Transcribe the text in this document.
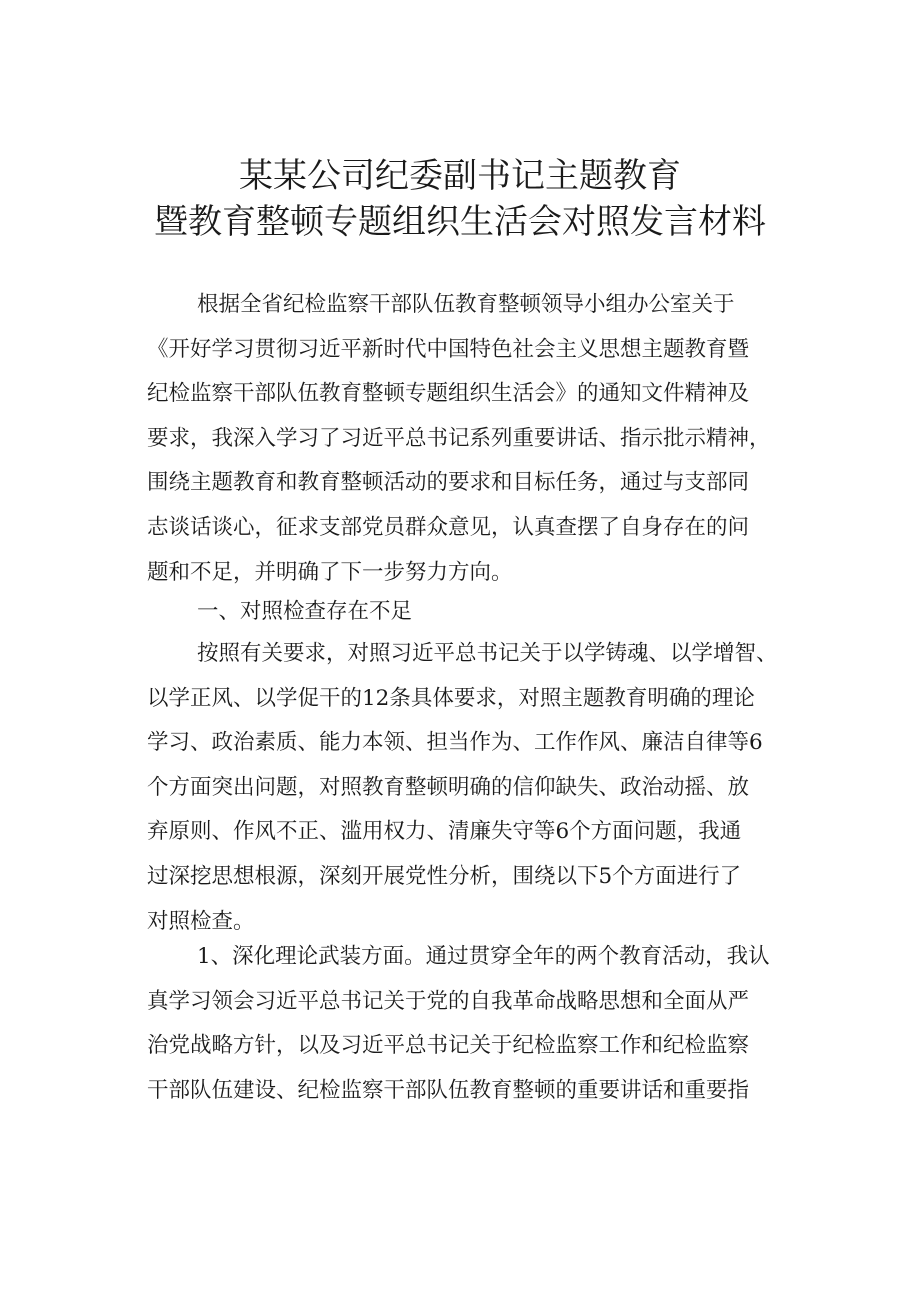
某某公司纪委副书记主题教育
暨教育整顿专题组织生活会对照发言材料
根据全省纪检监察干部队伍教育整顿领导小组办公室关于
《开好学习贯彻习近平新时代中国特色社会主义思想主题教育暨
纪检监察干部队伍教育整顿专题组织生活会》的通知文件精神及
要求，我深入学习了习近平总书记系列重要讲话、指示批示精神，
围绕主题教育和教育整顿活动的要求和目标任务，通过与支部同
志谈话谈心，征求支部党员群众意见，认真查摆了自身存在的问
题和不足，并明确了下一步努力方向。
一、对照检查存在不足
按照有关要求，对照习近平总书记关于以学铸魂、以学增智、
以学正风、以学促干的12条具体要求，对照主题教育明确的理论
学习、政治素质、能力本领、担当作为、工作作风、廉洁自律等6
个方面突出问题，对照教育整顿明确的信仰缺失、政治动摇、放
弃原则、作风不正、滥用权力、清廉失守等6个方面问题，我通
过深挖思想根源，深刻开展党性分析，围绕以下5个方面进行了
对照检查。
1、深化理论武装方面。通过贯穿全年的两个教育活动，我认
真学习领会习近平总书记关于党的自我革命战略思想和全面从严
治党战略方针，以及习近平总书记关于纪检监察工作和纪检监察
干部队伍建设、纪检监察干部队伍教育整顿的重要讲话和重要指
